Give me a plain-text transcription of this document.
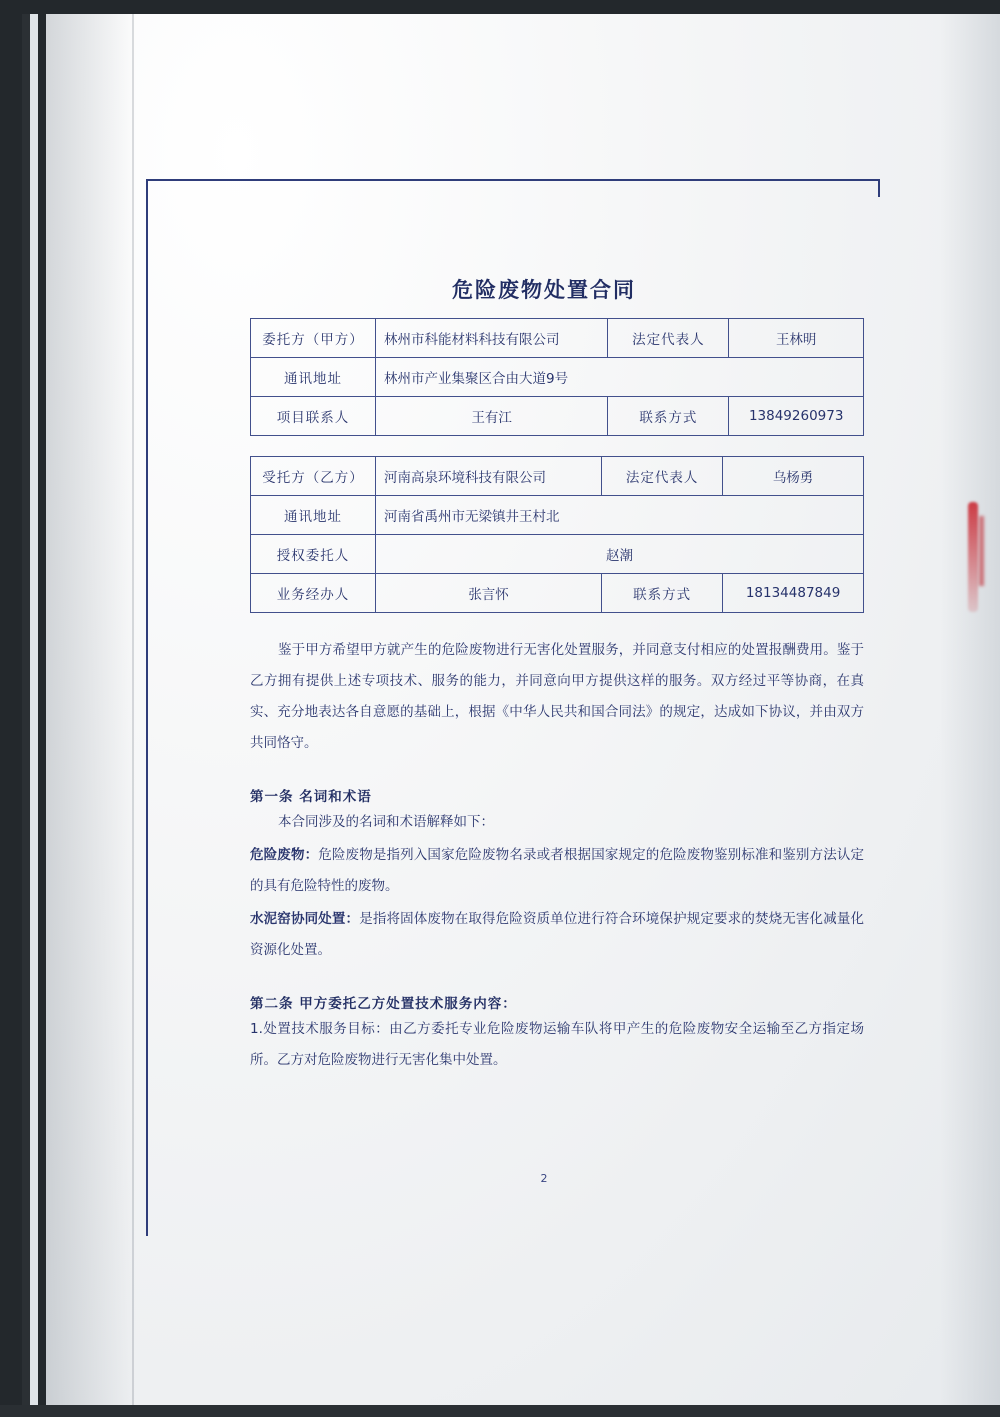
危险废物处置合同
委托方（甲方）	林州市科能材料科技有限公司	法定代表人	王林明
通讯地址	林州市产业集聚区合由大道9号		
项目联系人	王有江	联系方式	13849260973
受托方（乙方）	河南高泉环境科技有限公司	法定代表人	乌杨勇
通讯地址	河南省禹州市无梁镇井王村北		
授权委托人	赵潮		
业务经办人	张言怀	联系方式	18134487849
鉴于甲方希望甲方就产生的危险废物进行无害化处置服务，并同意支付相应的处置报酬费用。鉴于乙方拥有提供上述专项技术、服务的能力，并同意向甲方提供这样的服务。双方经过平等协商，在真实、充分地表达各自意愿的基础上，根据《中华人民共和国合同法》的规定，达成如下协议，并由双方共同恪守。
第一条 名词和术语
本合同涉及的名词和术语解释如下：
危险废物：危险废物是指列入国家危险废物名录或者根据国家规定的危险废物鉴别标准和鉴别方法认定的具有危险特性的废物。
水泥窑协同处置：是指将固体废物在取得危险资质单位进行符合环境保护规定要求的焚烧无害化减量化资源化处置。
第二条 甲方委托乙方处置技术服务内容：
1.处置技术服务目标：由乙方委托专业危险废物运输车队将甲产生的危险废物安全运输至乙方指定场所。乙方对危险废物进行无害化集中处置。
2
